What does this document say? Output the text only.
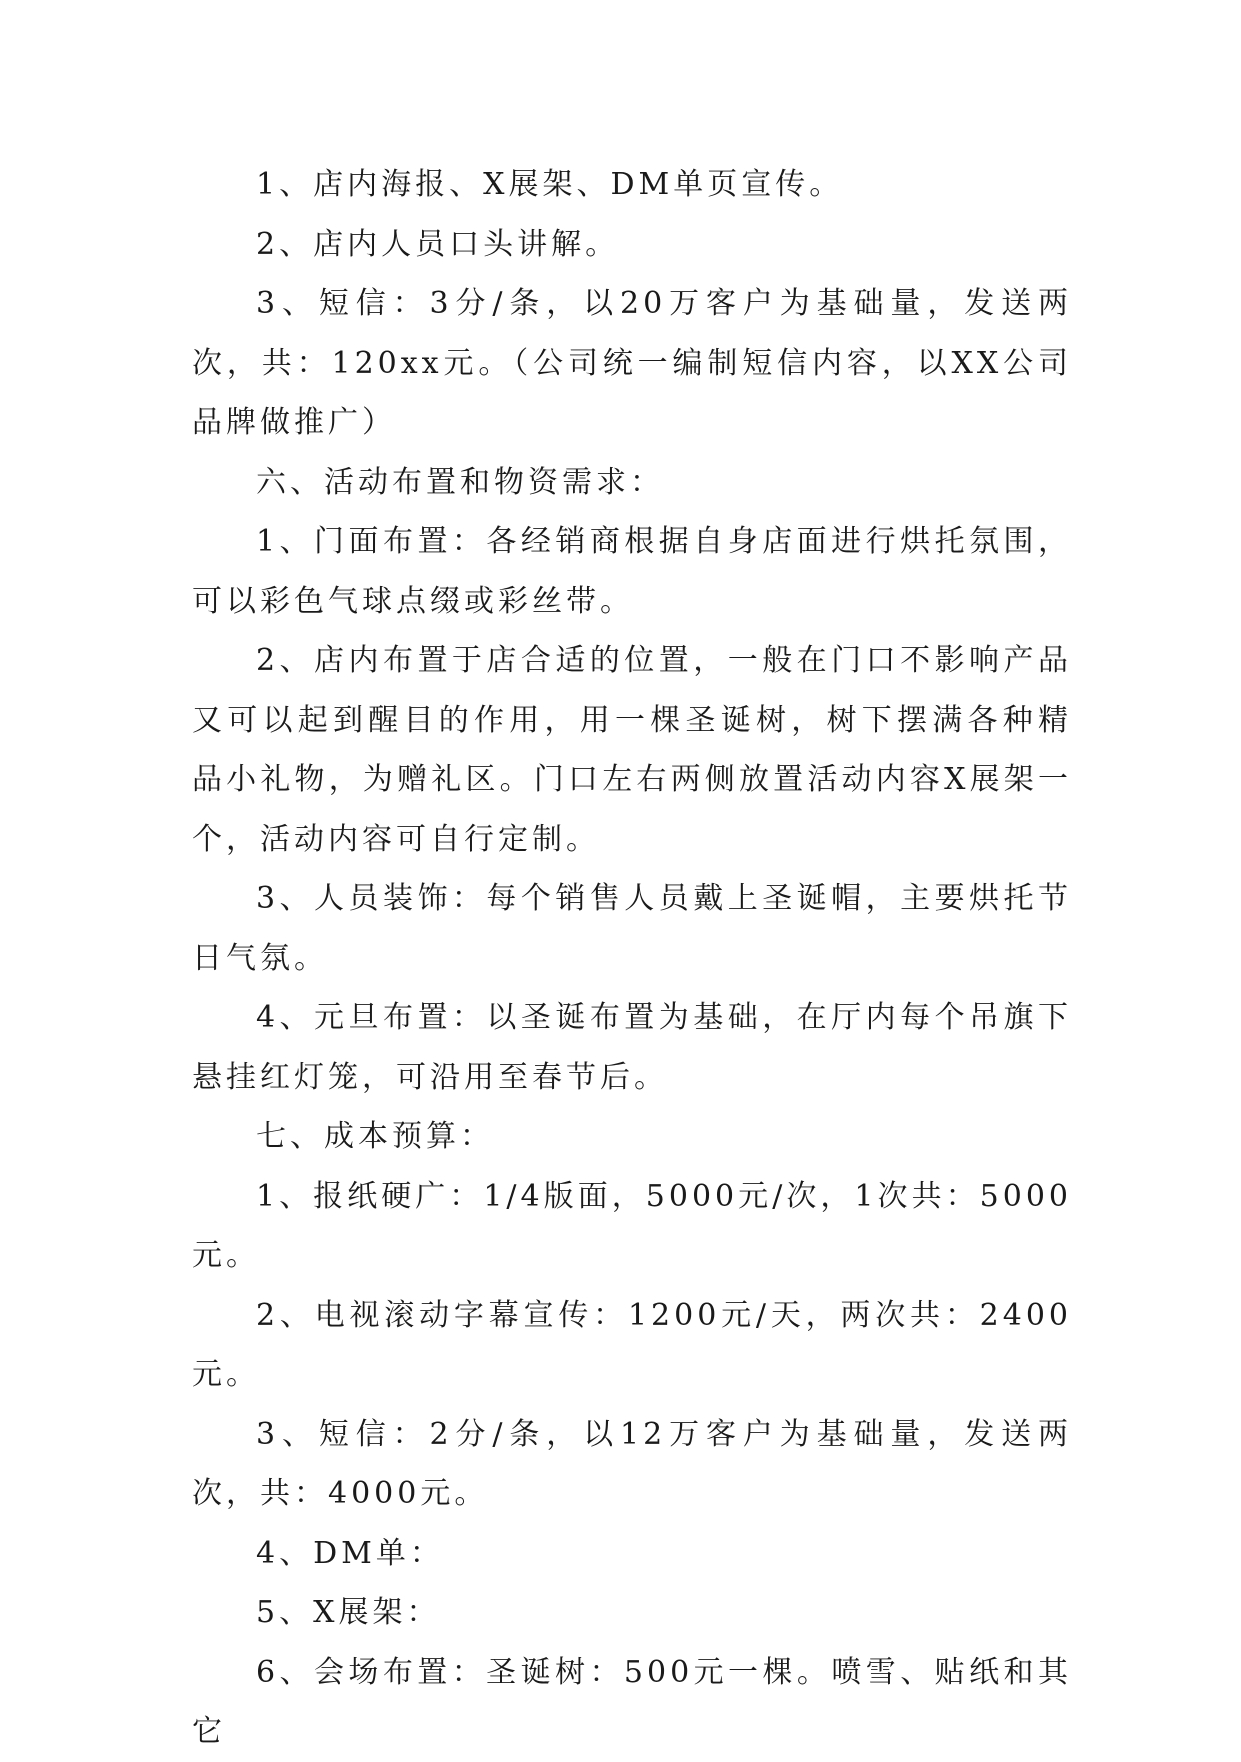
1、店内海报、X展架、DM单页宣传。

2、店内人员口头讲解。

3、短信：3分/条，以20万客户为基础量，发送两次，共：120xx元。（公司统一编制短信内容，以XX公司品牌做推广）

六、活动布置和物资需求：

1、门面布置：各经销商根据自身店面进行烘托氛围，可以彩色气球点缀或彩丝带。

2、店内布置于店合适的位置，一般在门口不影响产品又可以起到醒目的作用，用一棵圣诞树，树下摆满各种精品小礼物，为赠礼区。门口左右两侧放置活动内容X展架一个，活动内容可自行定制。

3、人员装饰：每个销售人员戴上圣诞帽，主要烘托节日气氛。

4、元旦布置：以圣诞布置为基础，在厅内每个吊旗下悬挂红灯笼，可沿用至春节后。

七、成本预算：

1、报纸硬广：1/4版面，5000元/次，1次共：5000元。

2、电视滚动字幕宣传：1200元/天，两次共：2400元。

3、短信：2分/条，以12万客户为基础量，发送两次，共：4000元。

4、DM单：

5、X展架：

6、会场布置：圣诞树：500元一棵。喷雪、贴纸和其它
